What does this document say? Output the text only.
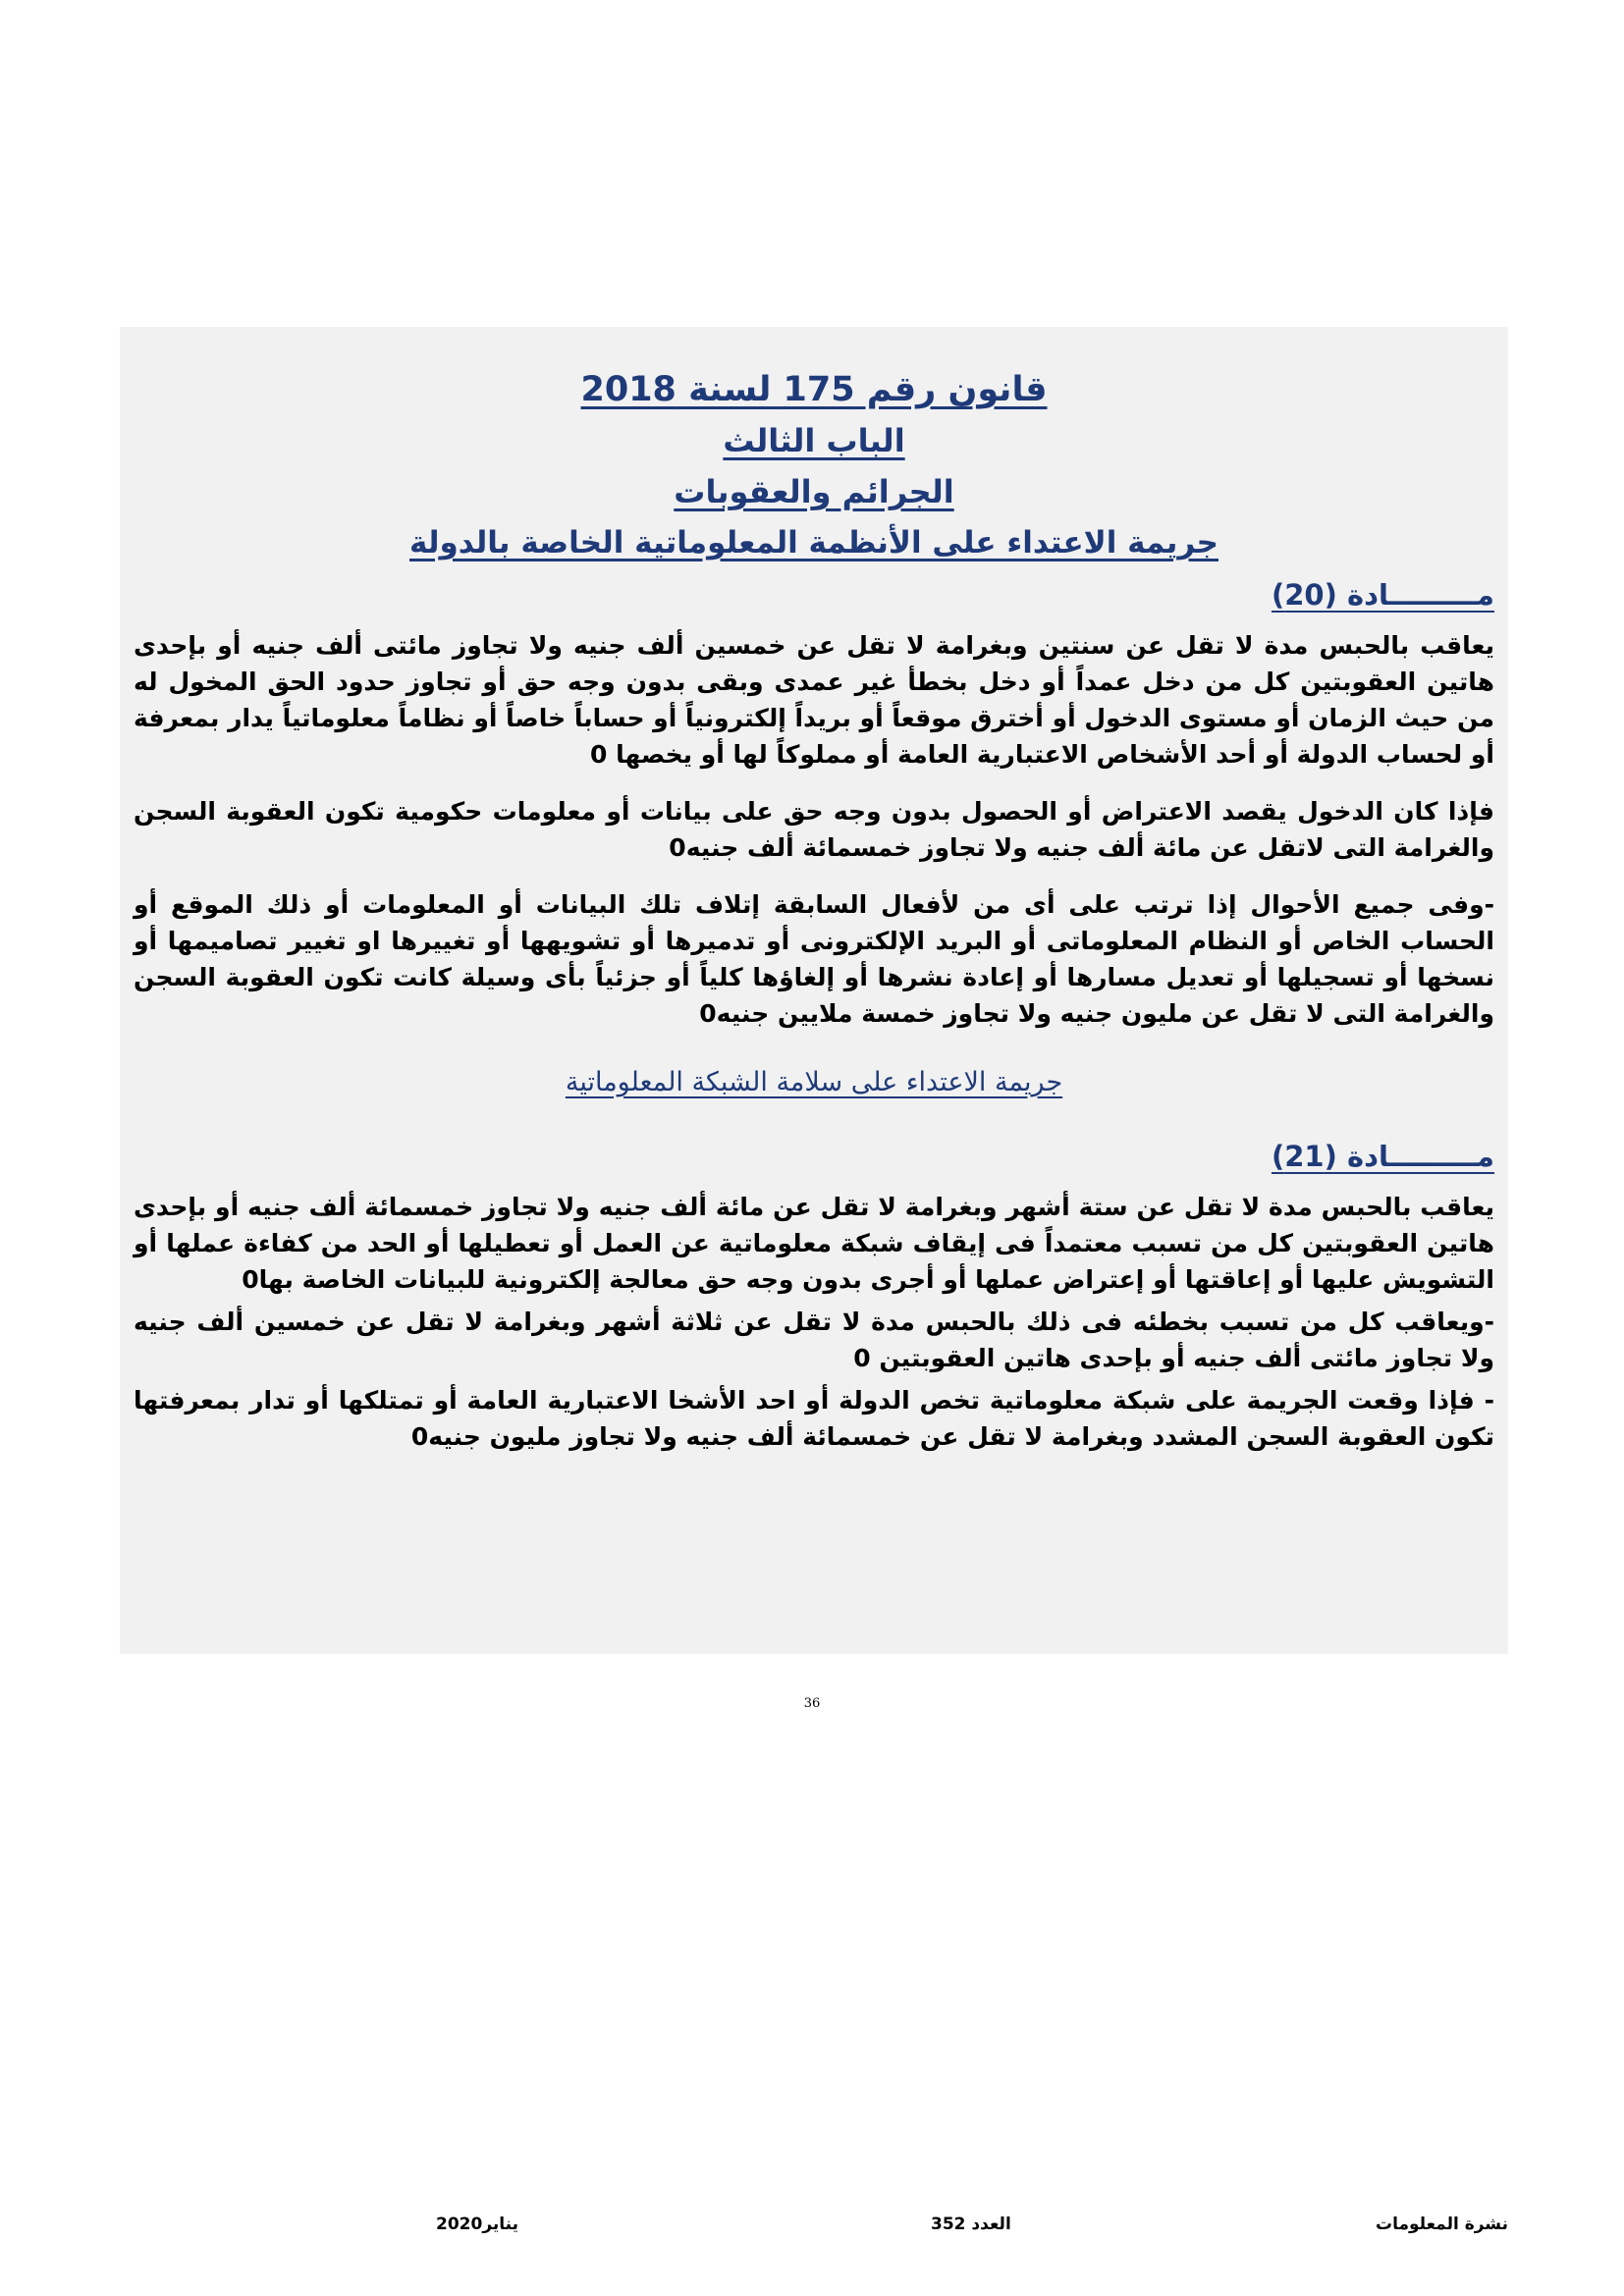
قانون رقم 175 لسنة 2018

الباب الثالث

الجرائم والعقوبات

جريمة الاعتداء على الأنظمة المعلوماتية الخاصة بالدولة

مـــــــــادة (20)

يعاقب بالحبس مدة لا تقل عن سنتين وبغرامة لا تقل عن خمسين ألف جنيه ولا تجاوز مائتى ألف جنيه أو بإحدى هاتين العقوبتين كل من دخل عمداً أو دخل بخطأ غير عمدى وبقى بدون وجه حق أو تجاوز حدود الحق المخول له من حيث الزمان أو مستوى الدخول أو أخترق موقعاً أو بريداً إلكترونياً أو حساباً خاصاً أو نظاماً معلوماتياً يدار بمعرفة أو لحساب الدولة أو أحد الأشخاص الاعتبارية العامة أو مملوكاً لها أو يخصها 0

فإذا كان الدخول يقصد الاعتراض أو الحصول بدون وجه حق على بيانات أو معلومات حكومية تكون العقوبة السجن والغرامة التى لاتقل عن مائة ألف جنيه ولا تجاوز خمسمائة ألف جنيه0

-وفى جميع الأحوال إذا ترتب على أى من لأفعال السابقة إتلاف تلك البيانات أو المعلومات أو ذلك الموقع أو الحساب الخاص أو النظام المعلوماتى أو البريد الإلكترونى أو تدميرها أو تشويهها أو تغييرها او تغيير تصاميمها أو نسخها أو تسجيلها أو تعديل مسارها أو إعادة نشرها أو إلغاؤها كلياً أو جزئياً بأى وسيلة كانت تكون العقوبة السجن والغرامة التى لا تقل عن مليون جنيه ولا تجاوز خمسة ملايين جنيه0

جريمة الاعتداء على سلامة الشبكة المعلوماتية

مـــــــــادة (21)

يعاقب بالحبس مدة لا تقل عن ستة أشهر وبغرامة لا تقل عن مائة ألف جنيه ولا تجاوز خمسمائة ألف جنيه أو بإحدى هاتين العقوبتين كل من تسبب معتمداً فى إيقاف شبكة معلوماتية عن العمل أو تعطيلها أو الحد من كفاءة عملها أو التشويش عليها أو إعاقتها أو إعتراض عملها أو أجرى بدون وجه حق معالجة إلكترونية للبيانات الخاصة بها0

-ويعاقب كل من تسبب بخطئه فى ذلك بالحبس مدة لا تقل عن ثلاثة أشهر وبغرامة لا تقل عن خمسين ألف جنيه ولا تجاوز مائتى ألف جنيه أو بإحدى هاتين العقوبتين 0

- فإذا وقعت الجريمة على شبكة معلوماتية تخص الدولة أو احد الأشخا الاعتبارية العامة أو تمتلكها أو تدار بمعرفتها تكون العقوبة السجن المشدد وبغرامة لا تقل عن خمسمائة ألف جنيه ولا تجاوز مليون جنيه0

36
نشرة المعلومات
العدد 352
يناير2020
